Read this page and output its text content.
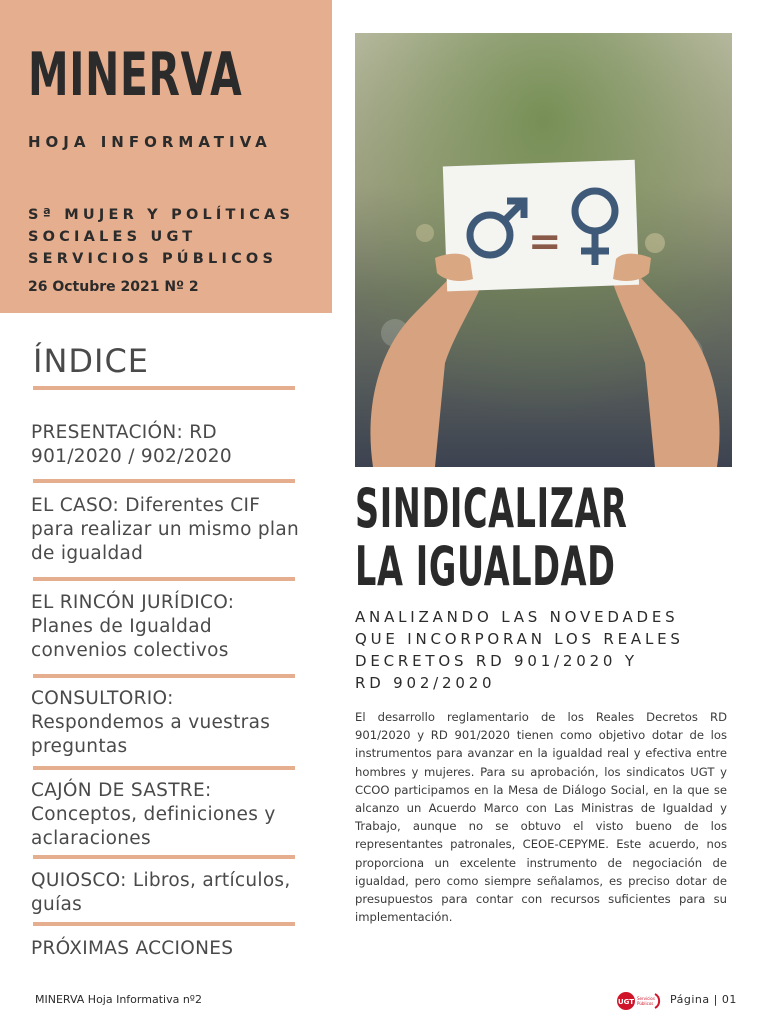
MINERVA
HOJA INFORMATIVA
Sª MUJER Y POLÍTICAS
SOCIALES UGT
SERVICIOS PÚBLICOS
26 Octubre 2021 Nº 2
ÍNDICE
PRESENTACIÓN: RD 901/2020 / 902/2020
EL CASO: Diferentes CIF para realizar un mismo plan de igualdad
EL RINCÓN JURÍDICO: Planes de Igualdad convenios colectivos
CONSULTORIO: Respondemos a vuestras preguntas
CAJÓN DE SASTRE: Conceptos, definiciones y aclaraciones
QUIOSCO: Libros, artículos, guías
PRÓXIMAS ACCIONES
=
SINDICALIZAR
LA IGUALDAD
ANALIZANDO LAS NOVEDADES
QUE INCORPORAN LOS REALES
DECRETOS RD 901/2020 Y
RD 902/2020
El desarrollo reglamentario de los Reales Decretos RD 901/2020 y RD 901/2020 tienen como objetivo dotar de los instrumentos para avanzar en la igualdad real y efectiva entre hombres y mujeres. Para su aprobación, los sindicatos UGT y CCOO participamos en la Mesa de Diálogo Social, en la que se alcanzo un Acuerdo Marco con Las Ministras de Igualdad y Trabajo, aunque no se obtuvo el visto bueno de los representantes patronales, CEOE-CEPYME. Este acuerdo, nos proporciona un excelente instrumento de negociación de igualdad, pero como siempre señalamos, es preciso dotar de presupuestos para contar con recursos suficientes para su implementación.
MINERVA Hoja Informativa nº2	UGT Servicios
Públicos Página | 01
